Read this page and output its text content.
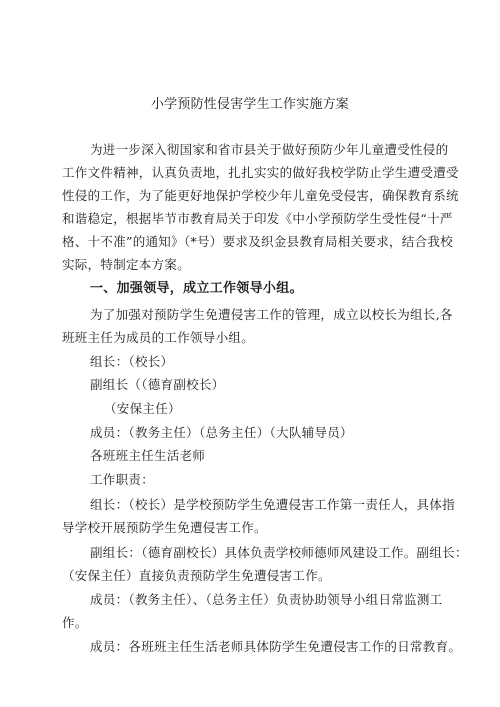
小学预防性侵害学生工作实施方案
为进一步深入彻国家和省市县关于做好预防少年儿童遭受性侵的
工作文件精神，认真负责地，扎扎实实的做好我校学防止学生遭受遭受
性侵的工作，为了能更好地保护学校少年儿童免受侵害，确保教育系统
和谐稳定，根据毕节市教育局关于印发《中小学预防学生受性侵“十严
格、十不准”的通知》（*号）要求及织金县教育局相关要求，结合我校
实际，特制定本方案。
一、加强领导，成立工作领导小组。
为了加强对预防学生免遭侵害工作的管理，成立以校长为组长,各
班班主任为成员的工作领导小组。
组长：（校长）
副组长（（德育副校长）
（安保主任）
成员：（教务主任）（总务主任）（大队辅导员）
各班班主任生活老师
工作职责：
组长：（校长）是学校预防学生免遭侵害工作第一责任人，具体指
导学校开展预防学生免遭侵害工作。
副组长：（德育副校长）具体负责学校师德师风建设工作。副组长：
（安保主任）直接负责预防学生免遭侵害工作。
成员：（教务主任）、（总务主任）负责协助领导小组日常监测工
作。
成员：各班班主任生活老师具体防学生免遭侵害工作的日常教育。
